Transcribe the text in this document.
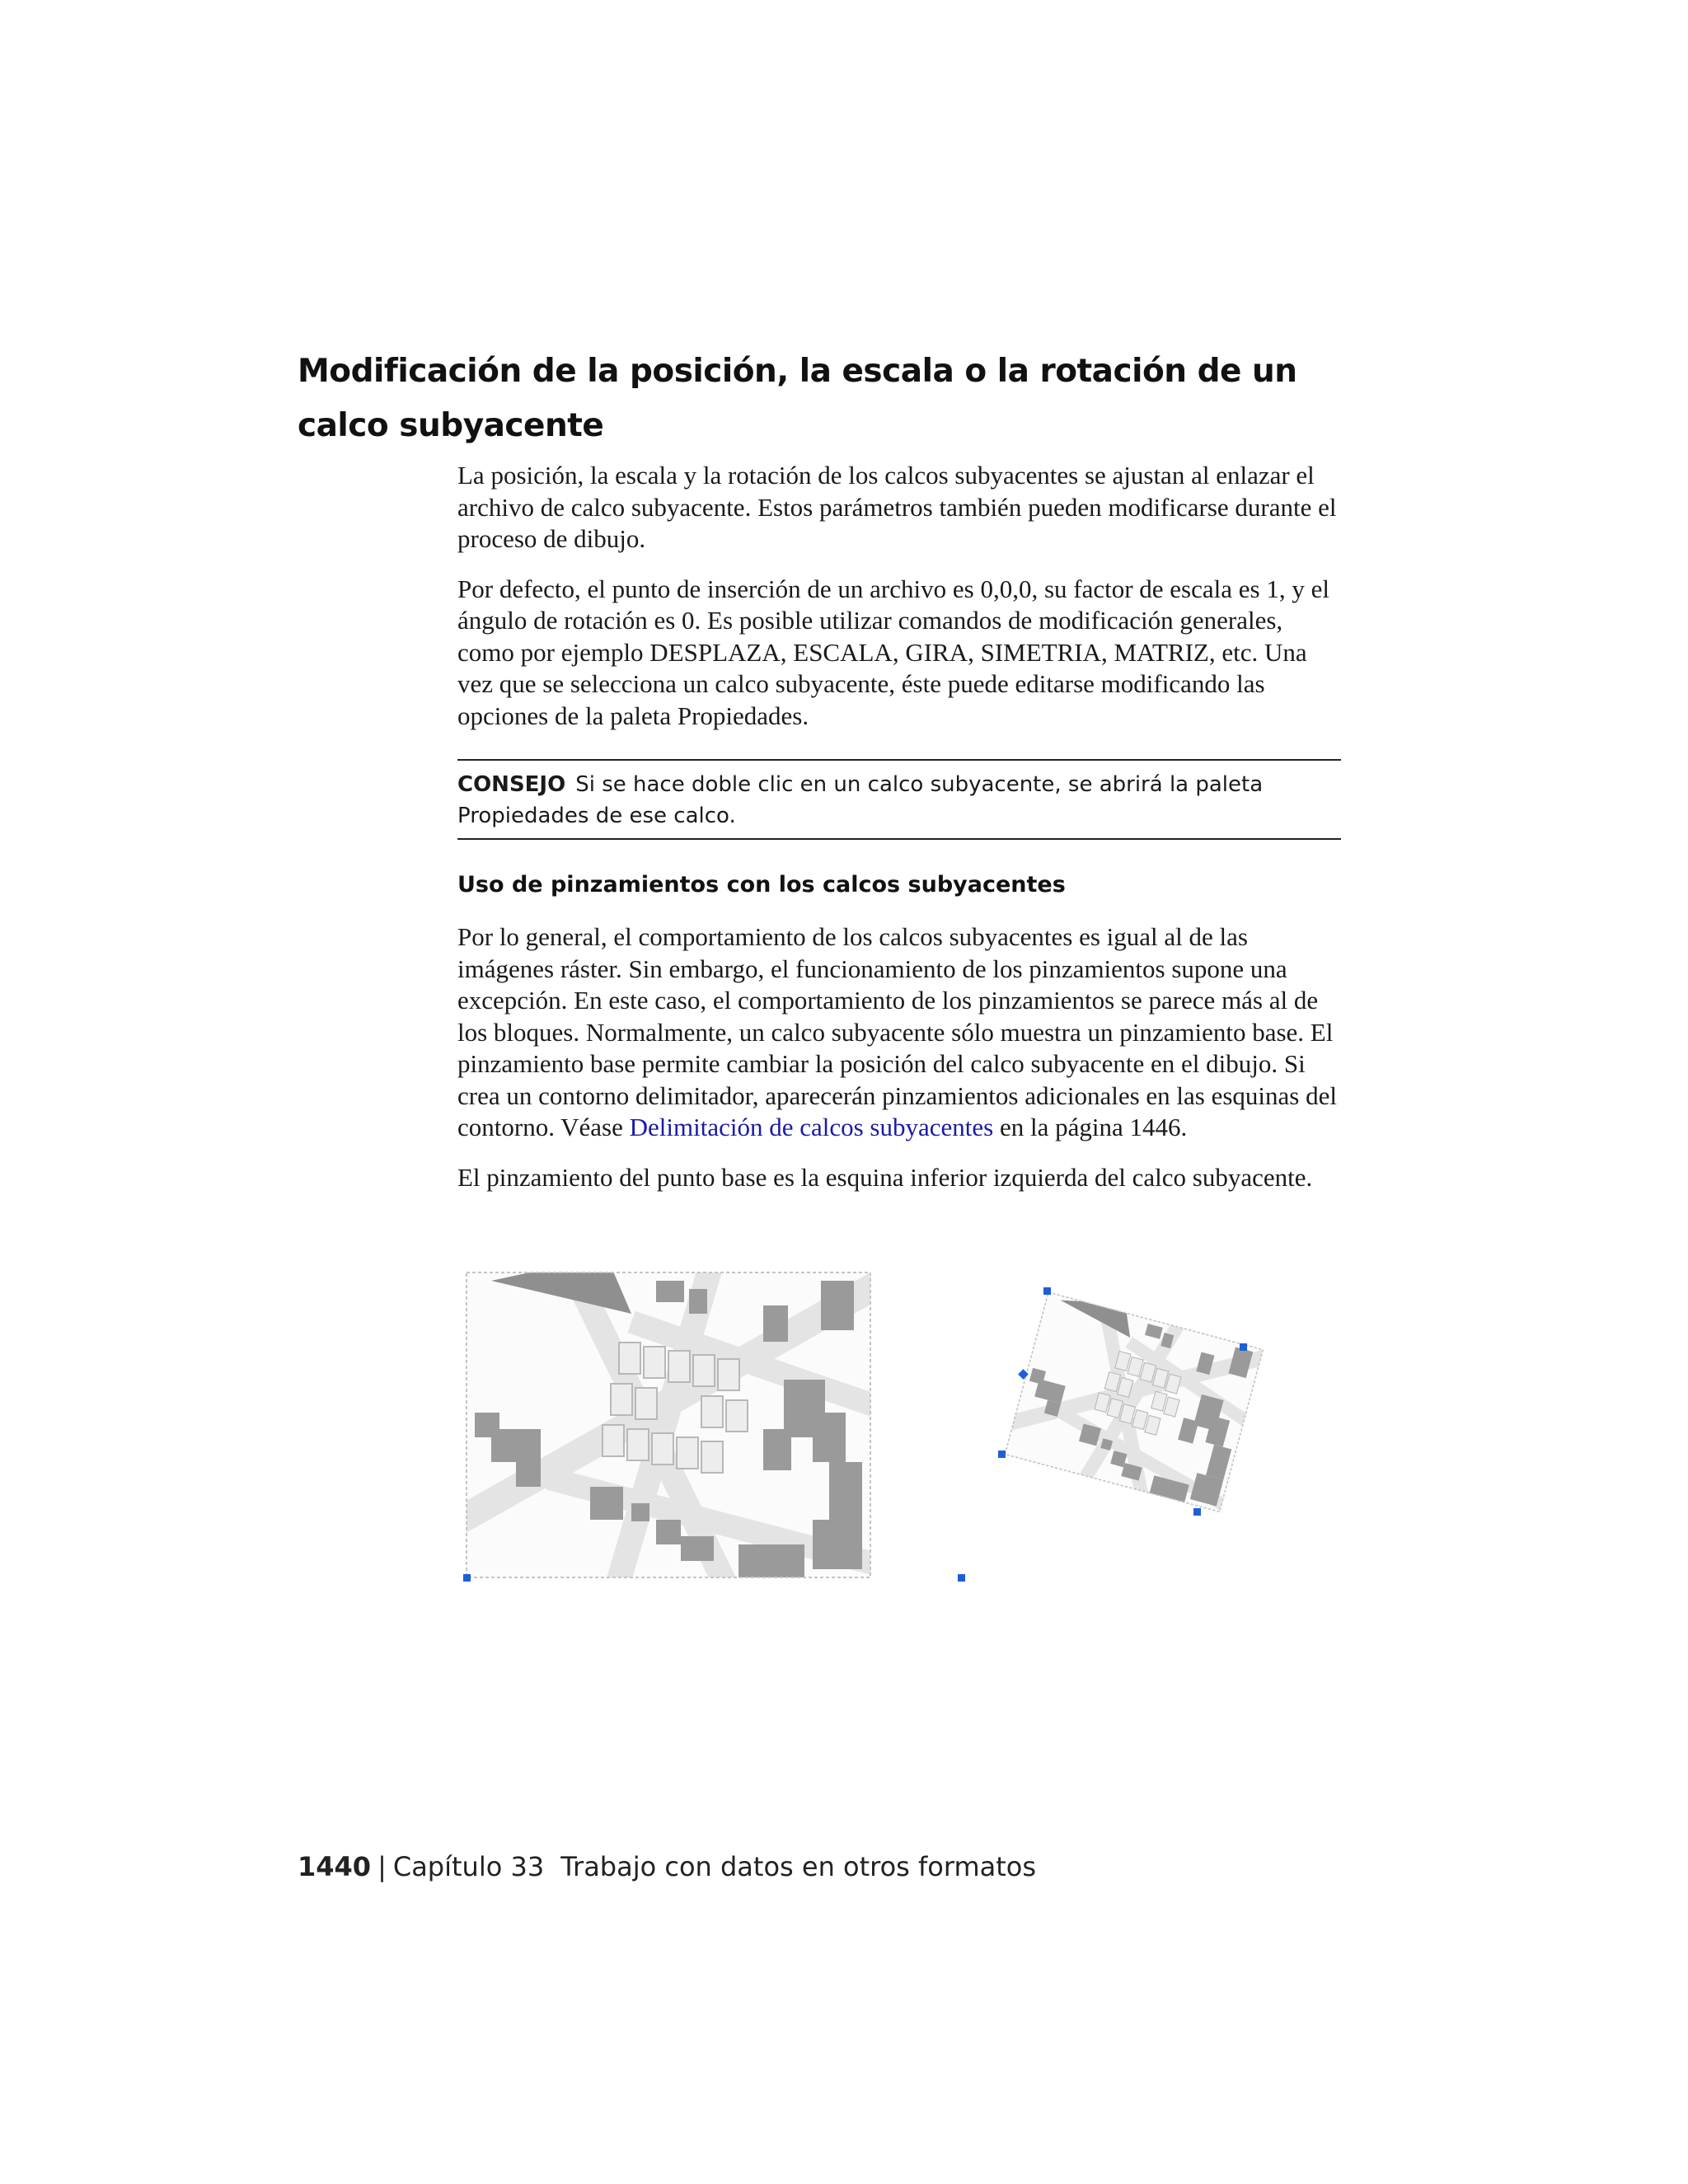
Modificación de la posición, la escala o la rotación de un calco subyacente

La posición, la escala y la rotación de los calcos subyacentes se ajustan al enlazar el archivo de calco subyacente. Estos parámetros también pueden modificarse durante el proceso de dibujo.

Por defecto, el punto de inserción de un archivo es 0,0,0, su factor de escala es 1, y el ángulo de rotación es 0. Es posible utilizar comandos de modificación generales, como por ejemplo DESPLAZA, ESCALA, GIRA, SIMETRIA, MATRIZ, etc. Una vez que se selecciona un calco subyacente, éste puede editarse modificando las opciones de la paleta Propiedades.

CONSEJO Si se hace doble clic en un calco subyacente, se abrirá la paleta Propiedades de ese calco.
Uso de pinzamientos con los calcos subyacentes

Por lo general, el comportamiento de los calcos subyacentes es igual al de las imágenes ráster. Sin embargo, el funcionamiento de los pinzamientos supone una excepción. En este caso, el comportamiento de los pinzamientos se parece más al de los bloques. Normalmente, un calco subyacente sólo muestra un pinzamiento base. El pinzamiento base permite cambiar la posición del calco subyacente en el dibujo. Si crea un contorno delimitador, aparecerán pinzamientos adicionales en las esquinas del contorno. Véase Delimitación de calcos subyacentes en la página 1446.

El pinzamiento del punto base es la esquina inferior izquierda del calco subyacente.

1440 | Capítulo 33 Trabajo con datos en otros formatos
